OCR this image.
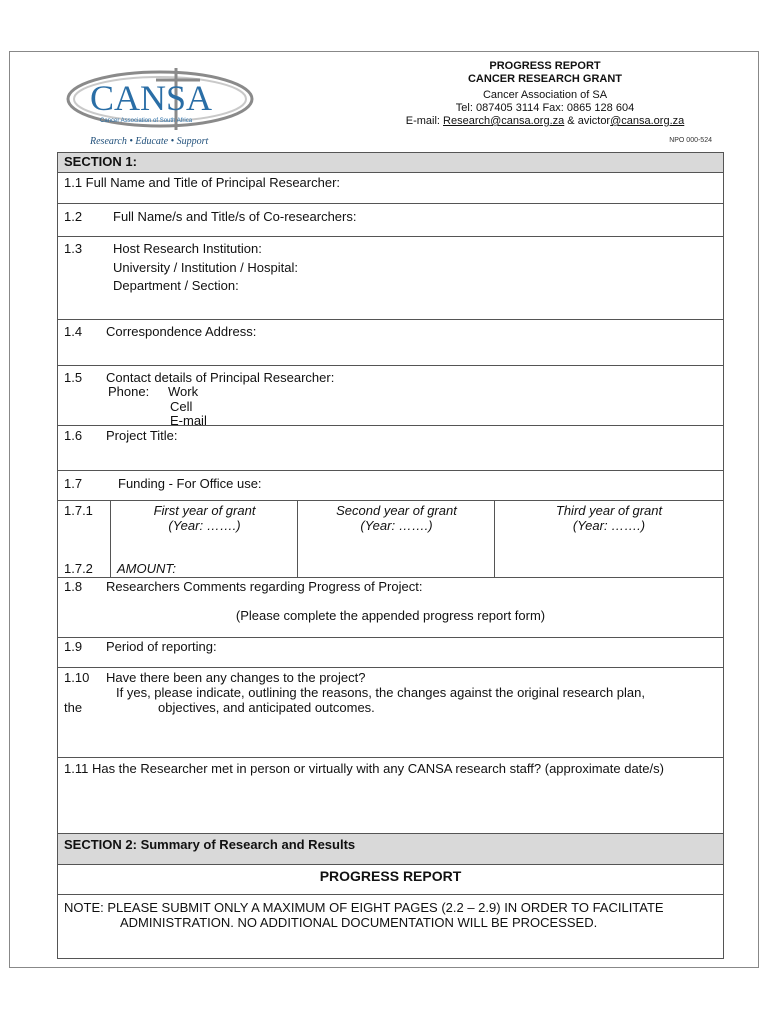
CANSA
Cancer Association of South Africa
Research • Educate • Support
PROGRESS REPORT
CANCER RESEARCH GRANT
Cancer Association of SA
Tel: 087405 3114 Fax: 0865 128 604
E-mail: Research@cansa.org.za & avictor@cansa.org.za
NPO 000-524
SECTION 1:
1.1 Full Name and Title of Principal Researcher:
1.2 Full Name/s and Title/s of Co-researchers:
1.3 Host Research Institution:
University / Institution / Hospital:
Department / Section:
1.4 Correspondence Address:
1.5 Contact details of Principal Researcher:
Phone: Work
Cell
E-mail
1.6 Project Title:
1.7	Funding - For Office use:
1.7.1
1.7.2
First year of grant
(Year: …….)
AMOUNT:
Second year of grant
(Year: …….)
Third year of grant
(Year: …….)
1.8 Researchers Comments regarding Progress of Project:
(Please complete the appended progress report form)
1.9 Period of reporting:
1.10 Have there been any changes to the project?
If yes, please indicate, outlining the reasons, the changes against the original research plan,
the	objectives, and anticipated outcomes.
1.11 Has the Researcher met in person or virtually with any CANSA research staff? (approximate date/s)
SECTION 2: Summary of Research and Results
PROGRESS REPORT
NOTE: PLEASE SUBMIT ONLY A MAXIMUM OF EIGHT PAGES (2.2 – 2.9) IN ORDER TO FACILITATE
ADMINISTRATION. NO ADDITIONAL DOCUMENTATION WILL BE PROCESSED.
